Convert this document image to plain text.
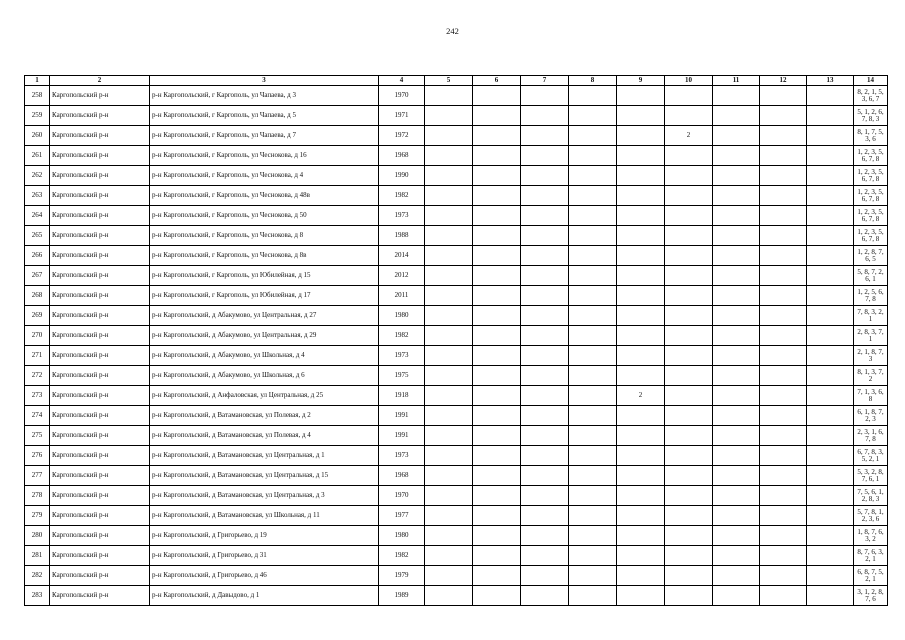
242
1	2	3	4	5	6	7	8	9	10	11	12	13	14
258	Каргопольский р-н	р-н Каргопольский, г Каргополь, ул Чапаева, д 3	1970										8, 2, 1, 5, 3, 6, 7
259	Каргопольский р-н	р-н Каргопольский, г Каргополь, ул Чапаева, д 5	1971										5, 1, 2, 6, 7, 8, 3
260	Каргопольский р-н	р-н Каргопольский, г Каргополь, ул Чапаева, д 7	1972						2				8, 1, 7, 5, 3, 6
261	Каргопольский р-н	р-н Каргопольский, г Каргополь, ул Чеснокова, д 16	1968										1, 2, 3, 5, 6, 7, 8
262	Каргопольский р-н	р-н Каргопольский, г Каргополь, ул Чеснокова, д 4	1990										1, 2, 3, 5, 6, 7, 8
263	Каргопольский р-н	р-н Каргопольский, г Каргополь, ул Чеснокова, д 48в	1982										1, 2, 3, 5, 6, 7, 8
264	Каргопольский р-н	р-н Каргопольский, г Каргополь, ул Чеснокова, д 50	1973										1, 2, 3, 5, 6, 7, 8
265	Каргопольский р-н	р-н Каргопольский, г Каргополь, ул Чеснокова, д 8	1988										1, 2, 3, 5, 6, 7, 8
266	Каргопольский р-н	р-н Каргопольский, г Каргополь, ул Чеснокова, д 8в	2014										1, 2, 8, 7, 6, 5
267	Каргопольский р-н	р-н Каргопольский, г Каргополь, ул Юбилейная, д 15	2012										5, 8, 7, 2, 6, 1
268	Каргопольский р-н	р-н Каргопольский, г Каргополь, ул Юбилейная, д 17	2011										1, 2, 5, 6, 7, 8
269	Каргопольский р-н	р-н Каргопольский, д Абакумово, ул Центральная, д 27	1980										7, 8, 3, 2, 1
270	Каргопольский р-н	р-н Каргопольский, д Абакумово, ул Центральная, д 29	1982										2, 8, 3, 7, 1
271	Каргопольский р-н	р-н Каргопольский, д Абакумово, ул Школьная, д 4	1973										2, 1, 8, 7, 3
272	Каргопольский р-н	р-н Каргопольский, д Абакумово, ул Школьная, д 6	1975										8, 1, 3, 7, 2
273	Каргопольский р-н	р-н Каргопольский, д Анфаловская, ул Центральная, д 25	1918					2					7, 1, 3, 6, 8
274	Каргопольский р-н	р-н Каргопольский, д Ватамановская, ул Полевая, д 2	1991										6, 1, 8, 7, 2, 3
275	Каргопольский р-н	р-н Каргопольский, д Ватамановская, ул Полевая, д 4	1991										2, 3, 1, 6, 7, 8
276	Каргопольский р-н	р-н Каргопольский, д Ватамановская, ул Центральная, д 1	1973										6, 7, 8, 3, 5, 2, 1
277	Каргопольский р-н	р-н Каргопольский, д Ватамановская, ул Центральная, д 15	1968										5, 3, 2, 8, 7, 6, 1
278	Каргопольский р-н	р-н Каргопольский, д Ватамановская, ул Центральная, д 3	1970										7, 5, 6, 1, 2, 8, 3
279	Каргопольский р-н	р-н Каргопольский, д Ватамановская, ул Школьная, д 11	1977										5, 7, 8, 1, 2, 3, 6
280	Каргопольский р-н	р-н Каргопольский, д Григорьево, д 19	1980										1, 8, 7, 6, 3, 2
281	Каргопольский р-н	р-н Каргопольский, д Григорьево, д 31	1982										8, 7, 6, 3, 2, 1
282	Каргопольский р-н	р-н Каргопольский, д Григорьево, д 46	1979										6, 8, 7, 5, 2, 1
283	Каргопольский р-н	р-н Каргопольский, д Давыдово, д 1	1989										3, 1, 2, 8, 7, 6
